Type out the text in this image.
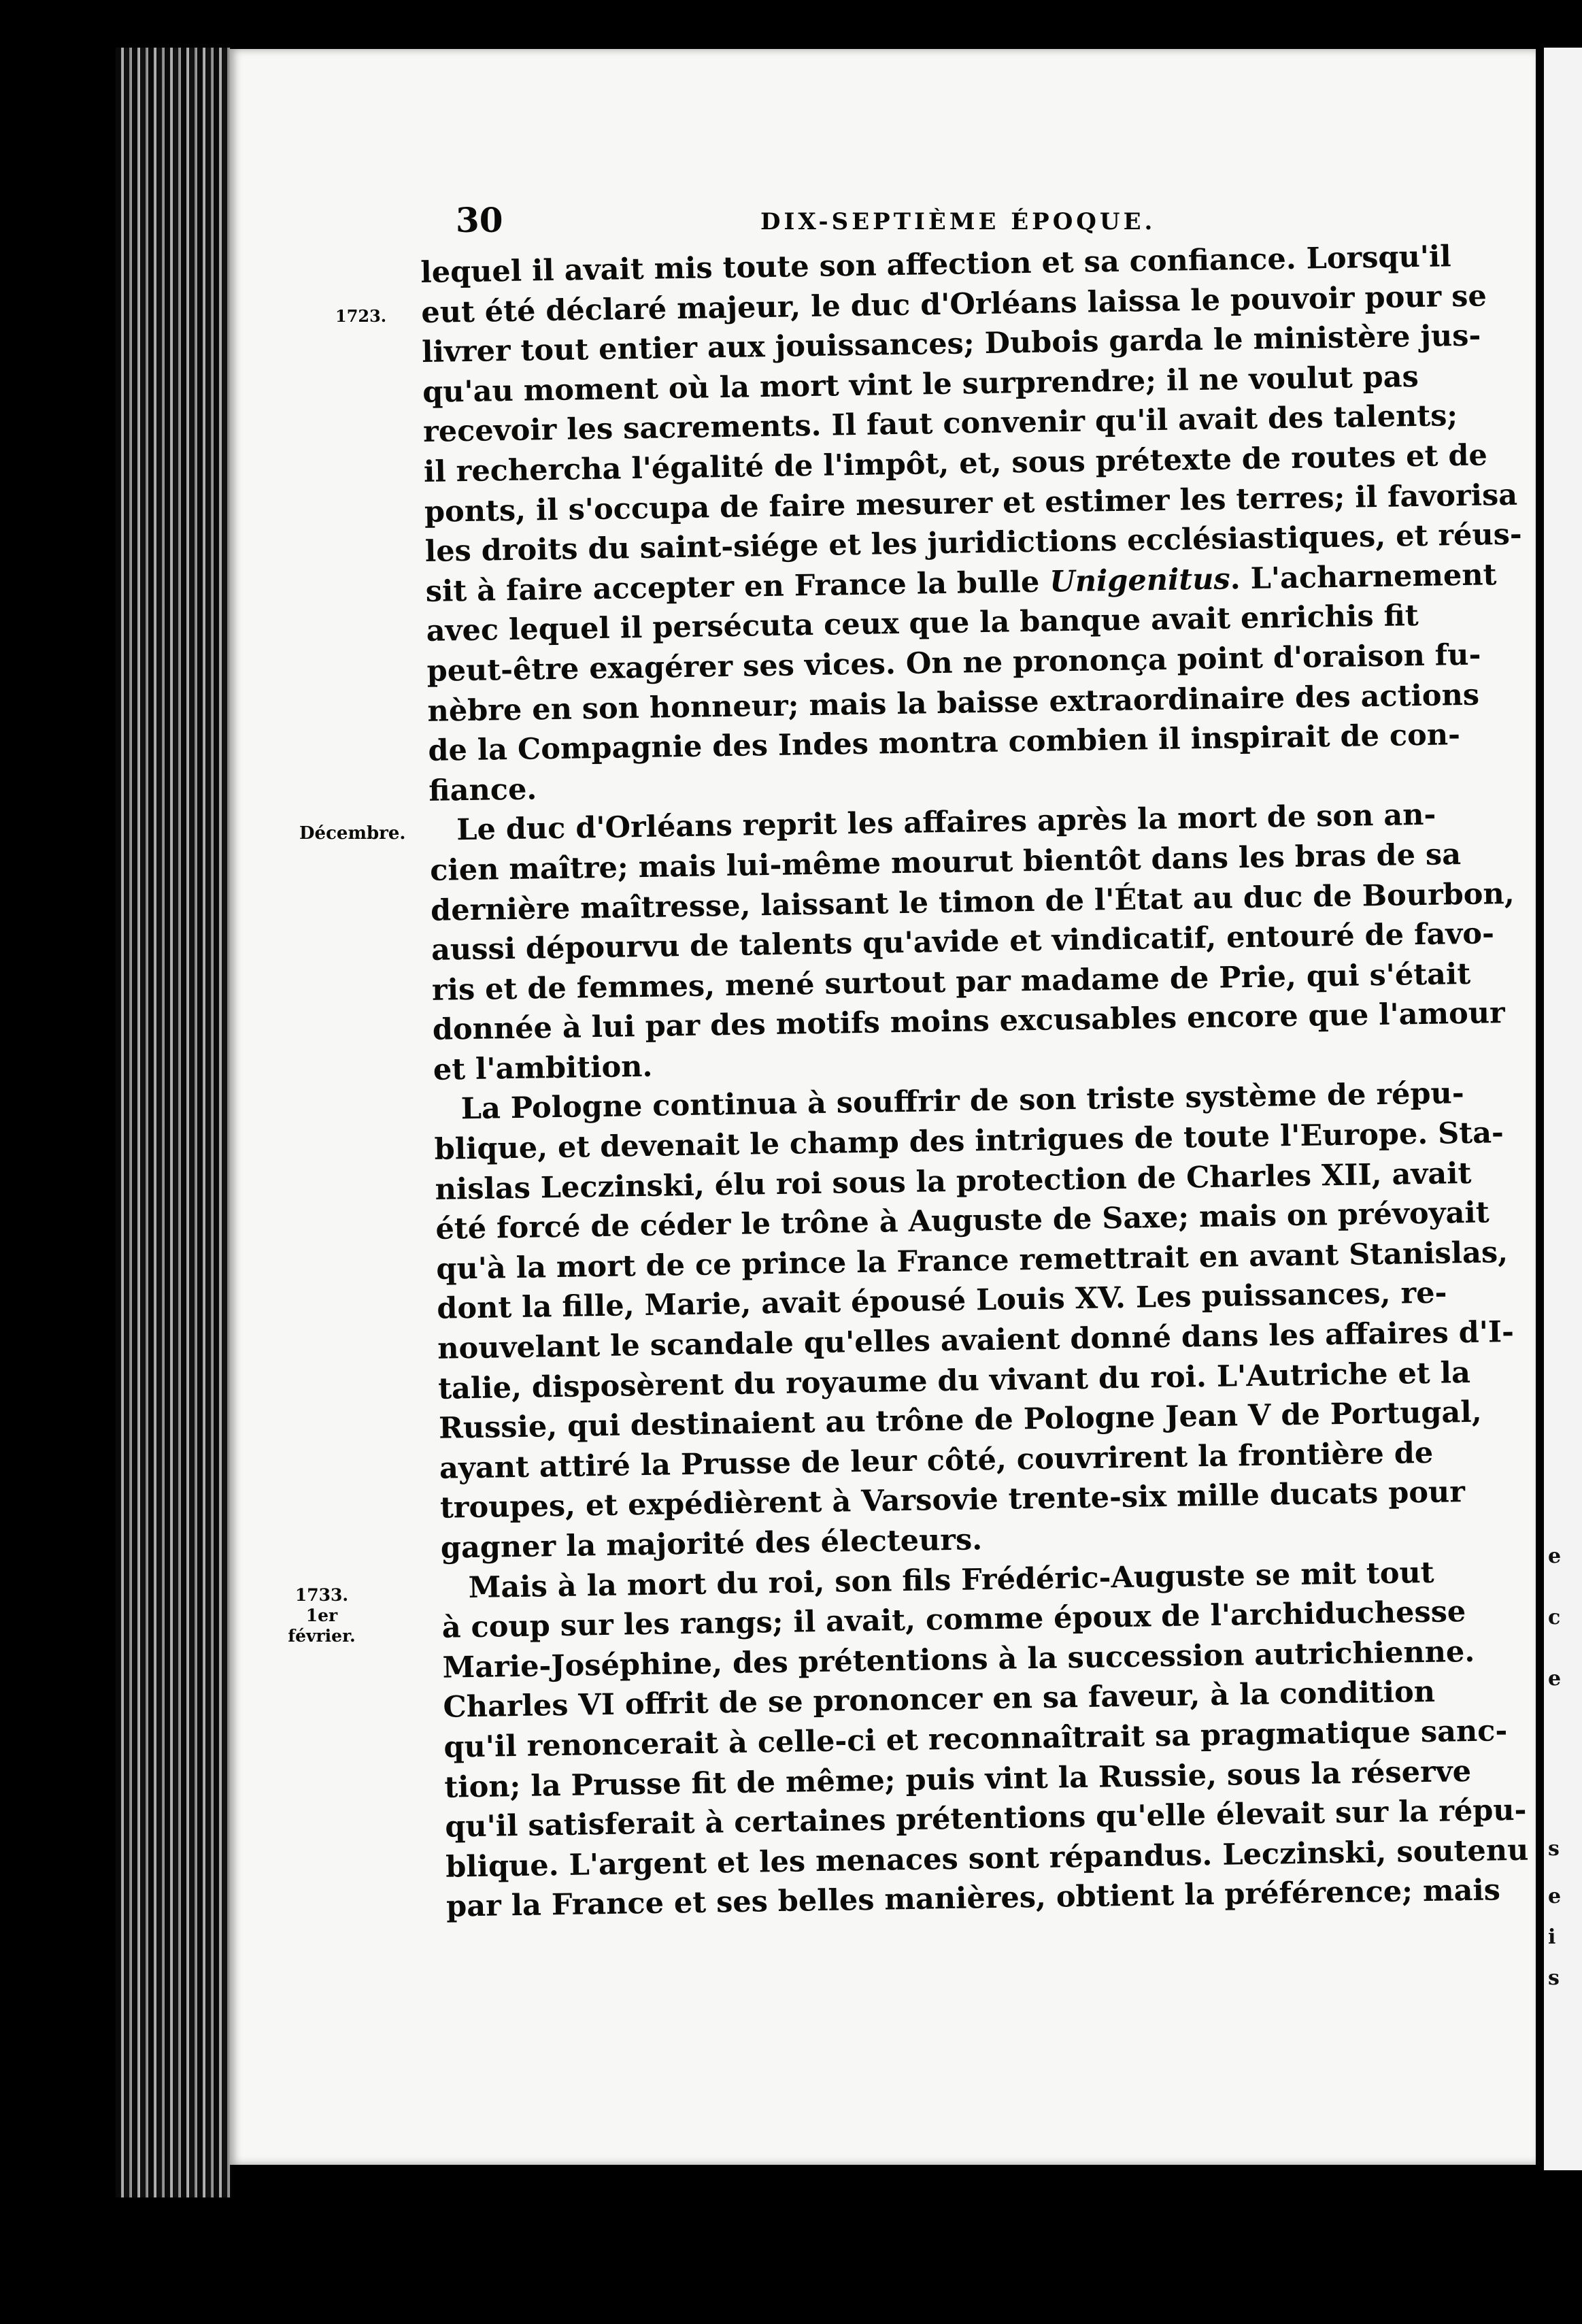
e
c
e
s
e
i
s
30	DIX-SEPTIÈME ÉPOQUE.
1723.
Décembre.
1733.
1er février.
lequel il avait mis toute son affection et sa confiance. Lorsqu'il
eut été déclaré majeur, le duc d'Orléans laissa le pouvoir pour se
livrer tout entier aux jouissances; Dubois garda le ministère jus-
qu'au moment où la mort vint le surprendre; il ne voulut pas
recevoir les sacrements. Il faut convenir qu'il avait des talents;
il rechercha l'égalité de l'impôt, et, sous prétexte de routes et de
ponts, il s'occupa de faire mesurer et estimer les terres; il favorisa
les droits du saint-siége et les juridictions ecclésiastiques, et réus-
sit à faire accepter en France la bulle Unigenitus. L'acharnement
avec lequel il persécuta ceux que la banque avait enrichis fit
peut-être exagérer ses vices. On ne prononça point d'oraison fu-
nèbre en son honneur; mais la baisse extraordinaire des actions
de la Compagnie des Indes montra combien il inspirait de con-
fiance.
Le duc d'Orléans reprit les affaires après la mort de son an-
cien maître; mais lui-même mourut bientôt dans les bras de sa
dernière maîtresse, laissant le timon de l'État au duc de Bourbon,
aussi dépourvu de talents qu'avide et vindicatif, entouré de favo-
ris et de femmes, mené surtout par madame de Prie, qui s'était
donnée à lui par des motifs moins excusables encore que l'amour
et l'ambition.
La Pologne continua à souffrir de son triste système de répu-
blique, et devenait le champ des intrigues de toute l'Europe. Sta-
nislas Leczinski, élu roi sous la protection de Charles XII, avait
été forcé de céder le trône à Auguste de Saxe; mais on prévoyait
qu'à la mort de ce prince la France remettrait en avant Stanislas,
dont la fille, Marie, avait épousé Louis XV. Les puissances, re-
nouvelant le scandale qu'elles avaient donné dans les affaires d'I-
talie, disposèrent du royaume du vivant du roi. L'Autriche et la
Russie, qui destinaient au trône de Pologne Jean V de Portugal,
ayant attiré la Prusse de leur côté, couvrirent la frontière de
troupes, et expédièrent à Varsovie trente-six mille ducats pour
gagner la majorité des électeurs.
Mais à la mort du roi, son fils Frédéric-Auguste se mit tout
à coup sur les rangs; il avait, comme époux de l'archiduchesse
Marie-Joséphine, des prétentions à la succession autrichienne.
Charles VI offrit de se prononcer en sa faveur, à la condition
qu'il renoncerait à celle-ci et reconnaîtrait sa pragmatique sanc-
tion; la Prusse fit de même; puis vint la Russie, sous la réserve
qu'il satisferait à certaines prétentions qu'elle élevait sur la répu-
blique. L'argent et les menaces sont répandus. Leczinski, soutenu
par la France et ses belles manières, obtient la préférence; mais
